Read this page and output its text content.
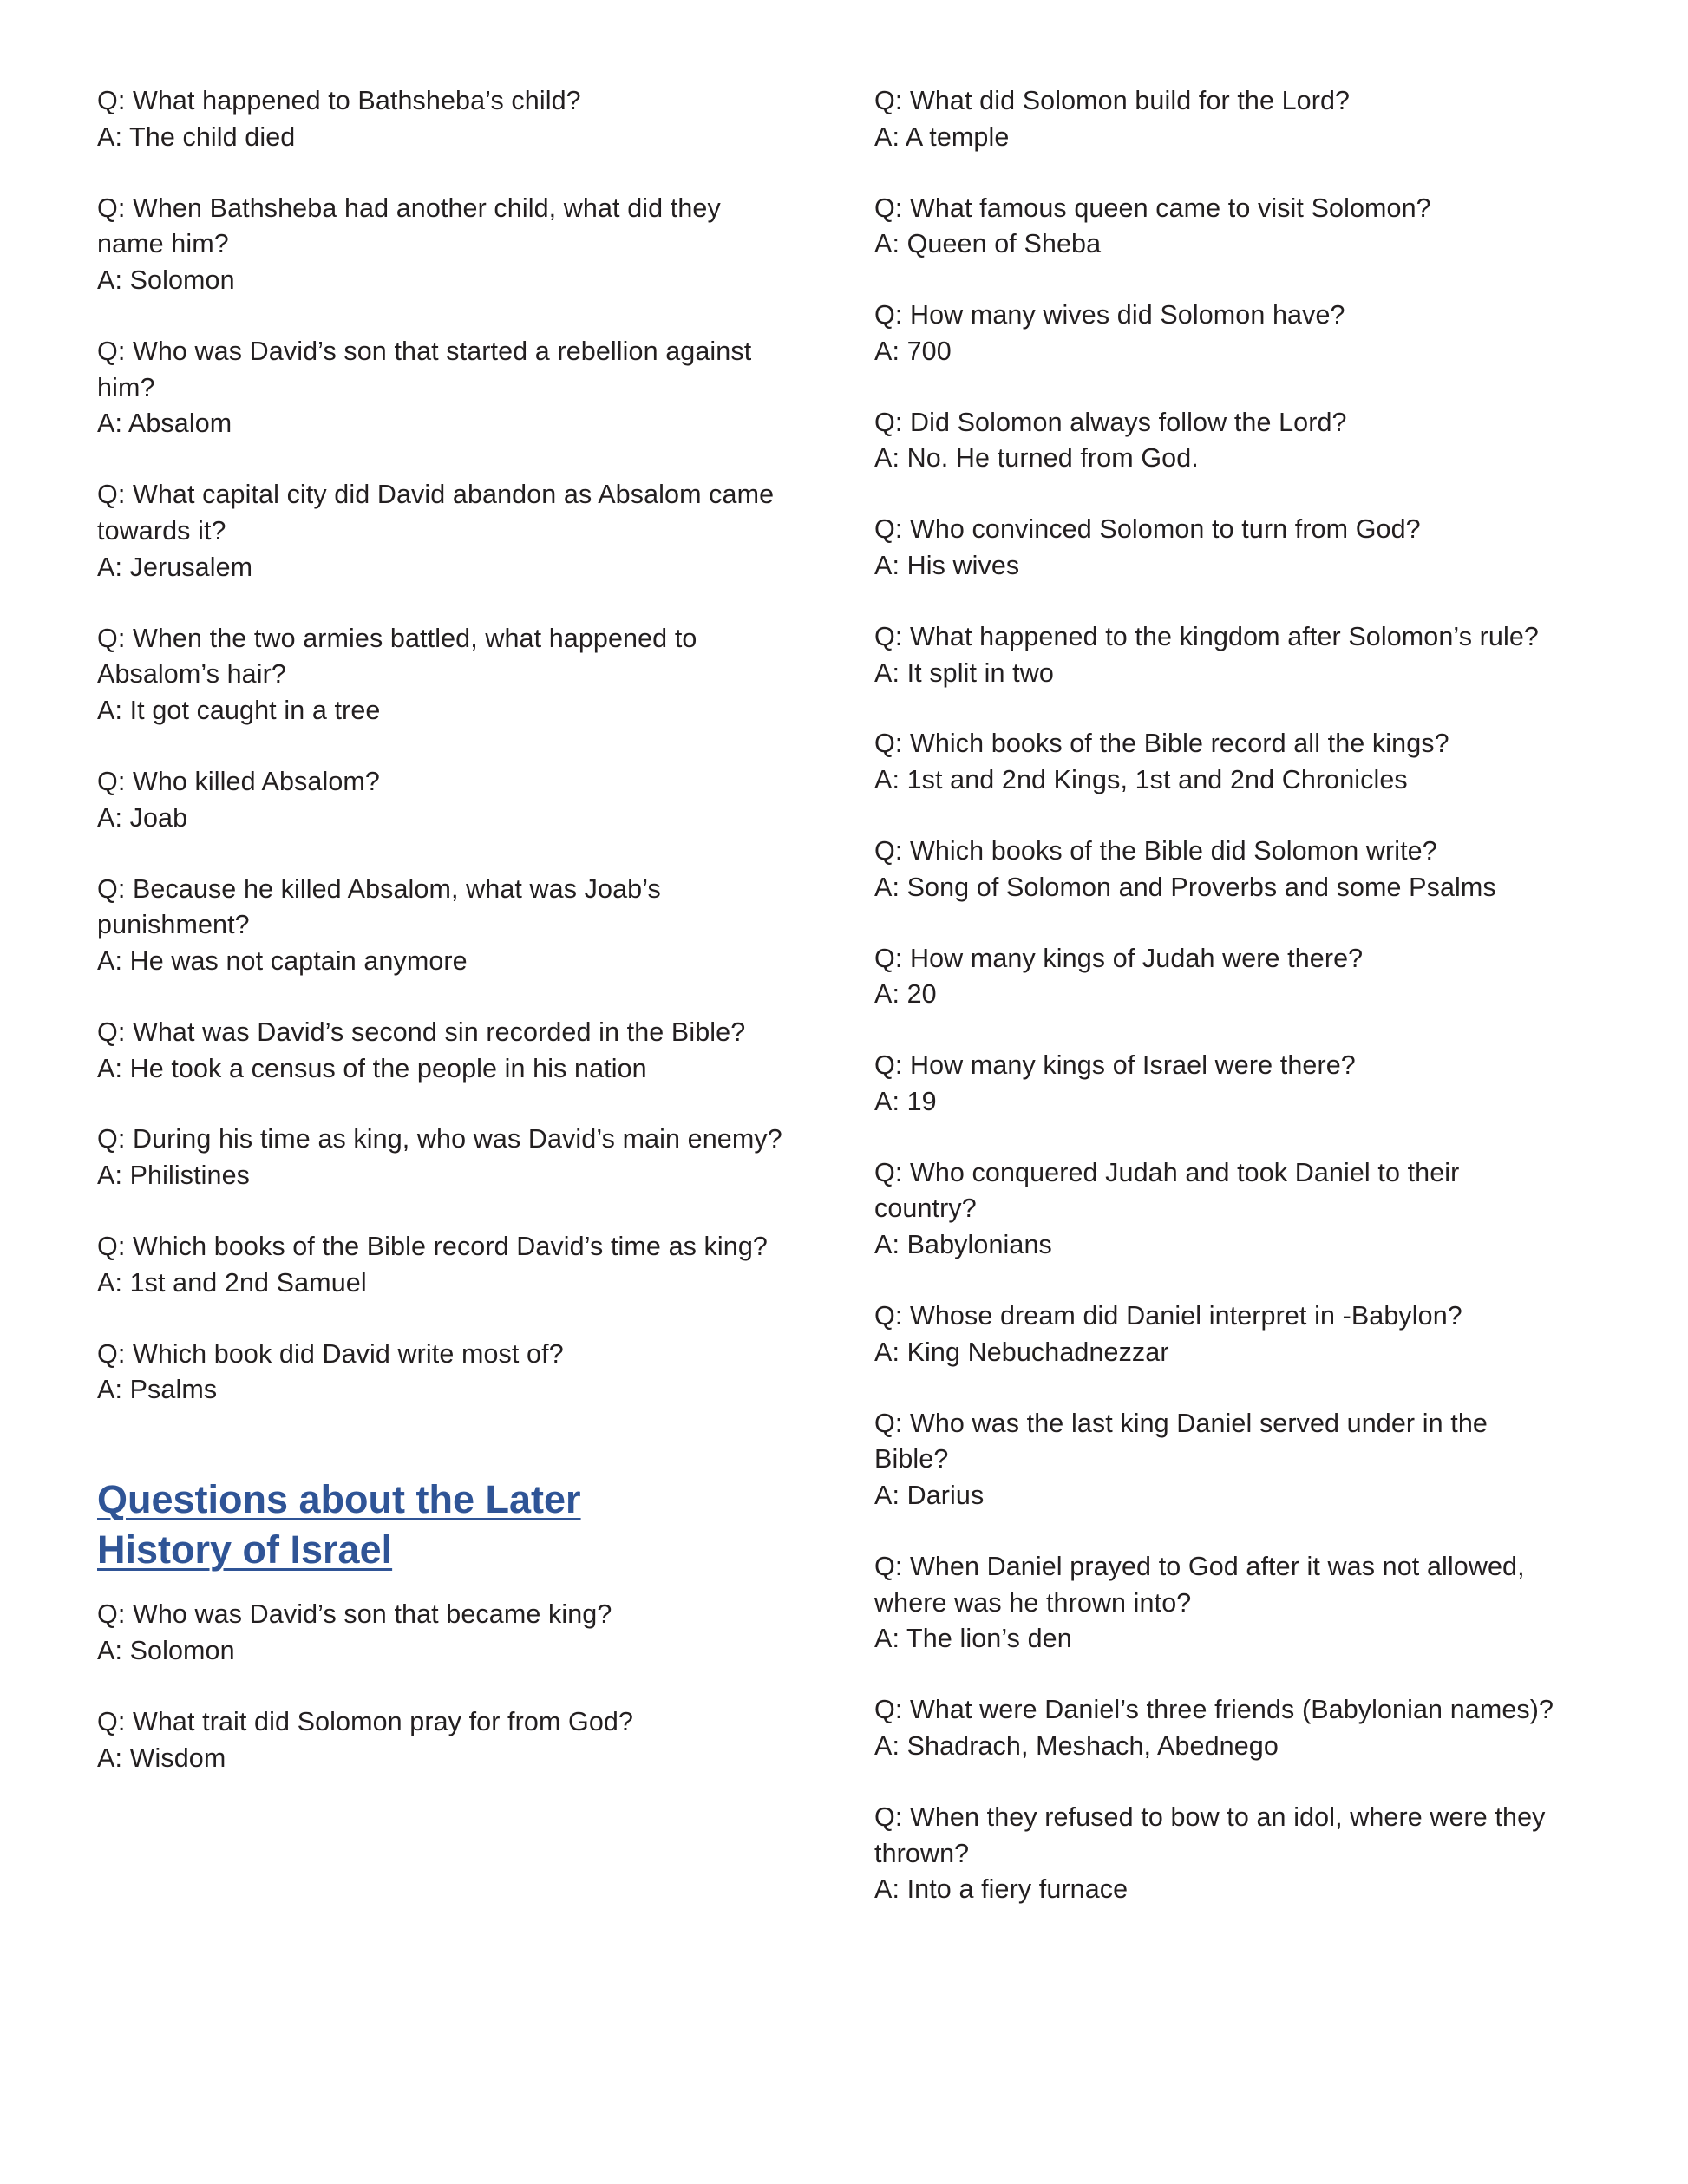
Q: What happened to Bathsheba’s child?

A: The child died

Q: When Bathsheba had another child, what did they name him?

A: Solomon

Q: Who was David’s son that started a rebellion against him?

A: Absalom

Q: What capital city did David abandon as Absalom came towards it?

A: Jerusalem

Q: When the two armies battled, what happened to Absalom’s hair?

A: It got caught in a tree

Q: Who killed Absalom?

A: Joab

Q: Because he killed Absalom, what was Joab’s punishment?

A: He was not captain anymore

Q: What was David’s second sin recorded in the Bible?

A: He took a census of the people in his nation

Q: During his time as king, who was David’s main enemy?

A: Philistines

Q: Which books of the Bible record David’s time as king?

A: 1st and 2nd Samuel

Q: Which book did David write most of?

A: Psalms

Questions about the Later History of Israel

Q: Who was David’s son that became king?

A: Solomon

Q: What trait did Solomon pray for from God?

A: Wisdom

Q: What did Solomon build for the Lord?

A: A temple

Q: What famous queen came to visit Solomon?

A: Queen of Sheba

Q: How many wives did Solomon have?

A: 700

Q: Did Solomon always follow the Lord?

A: No. He turned from God.

Q: Who convinced Solomon to turn from God?

A: His wives

Q: What happened to the kingdom after Solomon’s rule?

A: It split in two

Q: Which books of the Bible record all the kings?

A: 1st and 2nd Kings, 1st and 2nd Chronicles

Q: Which books of the Bible did Solomon write?

A: Song of Solomon and Proverbs and some Psalms

Q: How many kings of Judah were there?

A: 20

Q: How many kings of Israel were there?

A: 19

Q: Who conquered Judah and took Daniel to their country?

A: Babylonians

Q: Whose dream did Daniel interpret in -Babylon?

A: King Nebuchadnezzar

Q: Who was the last king Daniel served under in the Bible?

A: Darius

Q: When Daniel prayed to God after it was not allowed, where was he thrown into?

A: The lion’s den

Q: What were Daniel’s three friends (Babylonian names)?

A: Shadrach, Meshach, Abednego

Q: When they refused to bow to an idol, where were they thrown?

A: Into a fiery furnace
